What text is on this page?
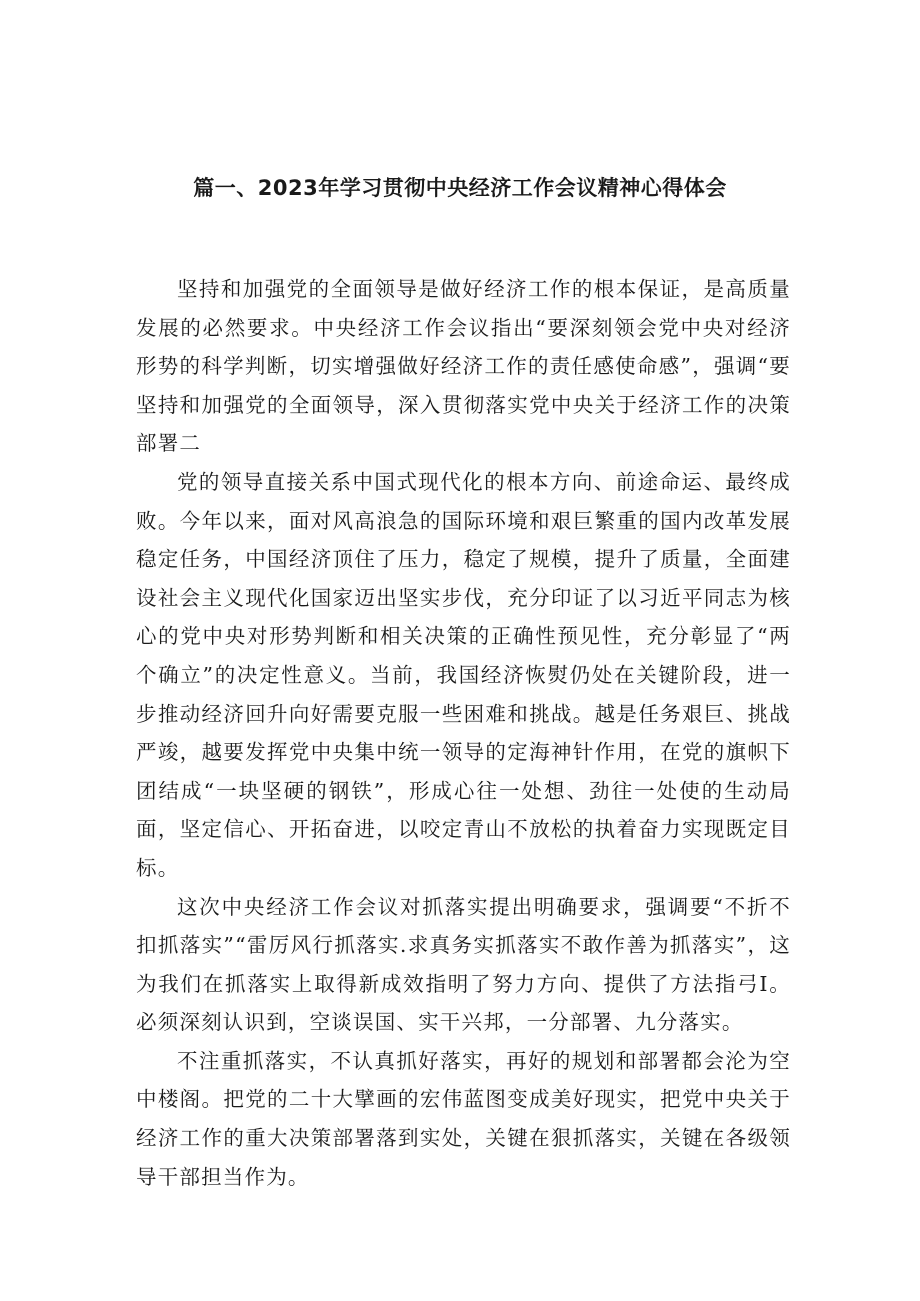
篇一、2023年学习贯彻中央经济工作会议精神心得体会

坚持和加强党的全面领导是做好经济工作的根本保证，是高质量发展的必然要求。中央经济工作会议指出“要深刻领会党中央对经济形势的科学判断，切实增强做好经济工作的责任感使命感”，强调“要坚持和加强党的全面领导，深入贯彻落实党中央关于经济工作的决策部署二

党的领导直接关系中国式现代化的根本方向、前途命运、最终成败。今年以来，面对风高浪急的国际环境和艰巨繁重的国内改革发展稳定任务，中国经济顶住了压力，稳定了规模，提升了质量，全面建设社会主义现代化国家迈出坚实步伐，充分印证了以习近平同志为核心的党中央对形势判断和相关决策的正确性预见性，充分彰显了“两个确立”的决定性意义。当前，我国经济恢熨仍处在关键阶段，进一步推动经济回升向好需要克服一些困难和挑战。越是任务艰巨、挑战严竣，越要发挥党中央集中统一领导的定海神针作用，在党的旗帜下团结成“一块坚硬的钢铁”，形成心往一处想、劲往一处使的生动局面，坚定信心、开拓奋进，以咬定青山不放松的执着奋力实现既定目标。

这次中央经济工作会议对抓落实提出明确要求，强调要“不折不扣抓落实”“雷厉风行抓落实.求真务实抓落实不敢作善为抓落实”，这为我们在抓落实上取得新成效指明了努力方向、提供了方法指弓I。必须深刻认识到，空谈误国、实干兴邦，一分部署、九分落实。

不注重抓落实，不认真抓好落实，再好的规划和部署都会沦为空中楼阁。把党的二十大擘画的宏伟蓝图变成美好现实，把党中央关于经济工作的重大决策部署落到实处，关键在狠抓落实，关键在各级领导干部担当作为。
